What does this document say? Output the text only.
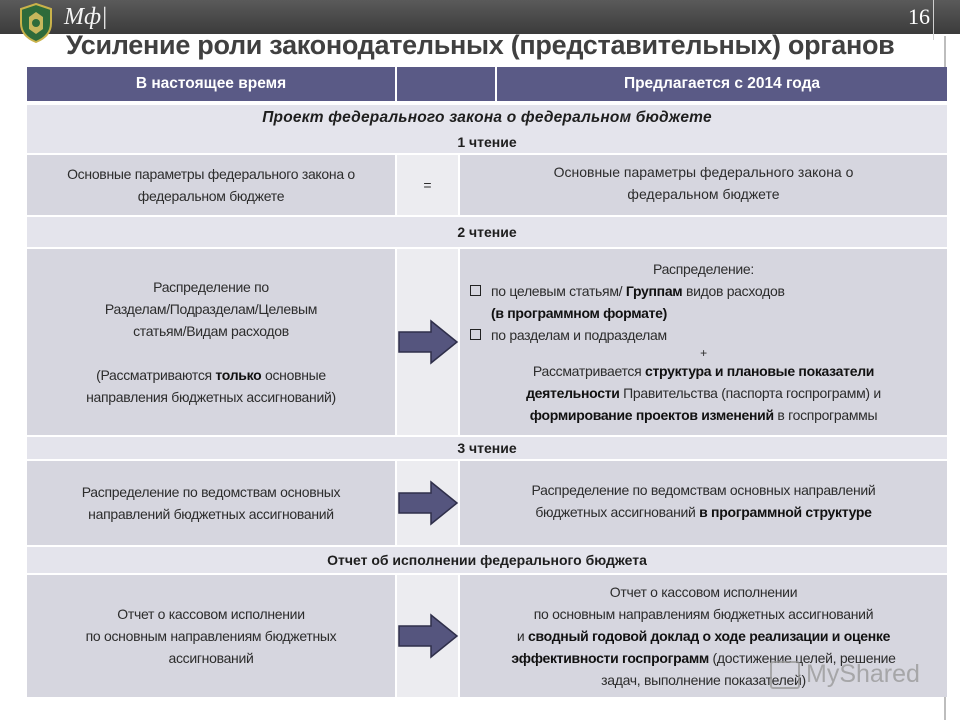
Мф|	16
Усиление роли законодательных (представительных) органов
В настоящее время	Предлагается с 2014 года
Проект федерального закона о федеральном бюджете
1 чтение
Основные параметры федерального закона о
федеральном бюджете
=
Основные параметры федерального закона о
федеральном бюджете
2 чтение
Распределение по
Разделам/Подразделам/Целевым
статьям/Видам расходов
(Рассматриваются только основные
направления бюджетных ассигнований)
Распределение:
по целевым статьям/ Группам видов расходов
(в программном формате)
по разделам и подразделам
+
Рассматривается структура и плановые показатели
деятельности Правительства (паспорта госпрограмм) и
формирование проектов изменений в госпрограммы
3 чтение
Распределение по ведомствам основных
направлений бюджетных ассигнований
Распределение по ведомствам основных направлений
бюджетных ассигнований в программной структуре
Отчет об исполнении федерального бюджета
Отчет о кассовом исполнении
по основным направлениям бюджетных
ассигнований
Отчет о кассовом исполнении
по основным направлениям бюджетных ассигнований
и сводный годовой доклад о ходе реализации и оценке
эффективности госпрограмм (достижение целей, решение
задач, выполнение показателей) MyShared
